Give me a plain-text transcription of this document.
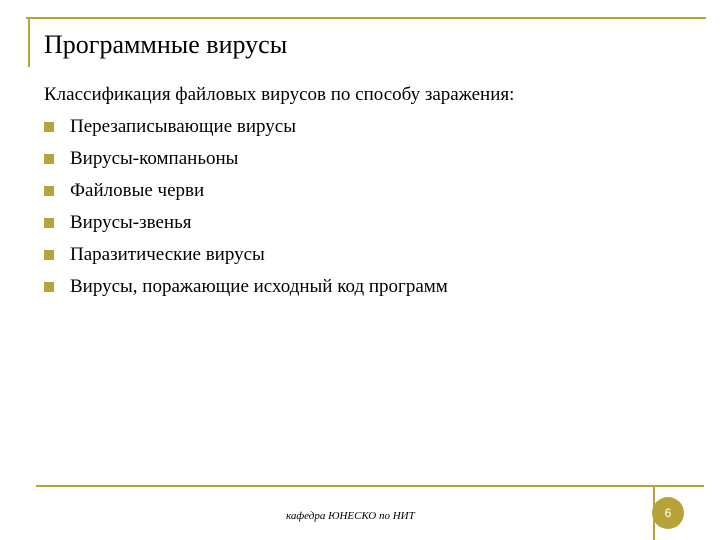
Программные вирусы

Классификация файловых вирусов по способу заражения:

Перезаписывающие вирусы
Вирусы-компаньоны
Файловые черви
Вирусы-звенья
Паразитические вирусы
Вирусы, поражающие исходный код программ
кафедра ЮНЕСКО по НИТ	6
